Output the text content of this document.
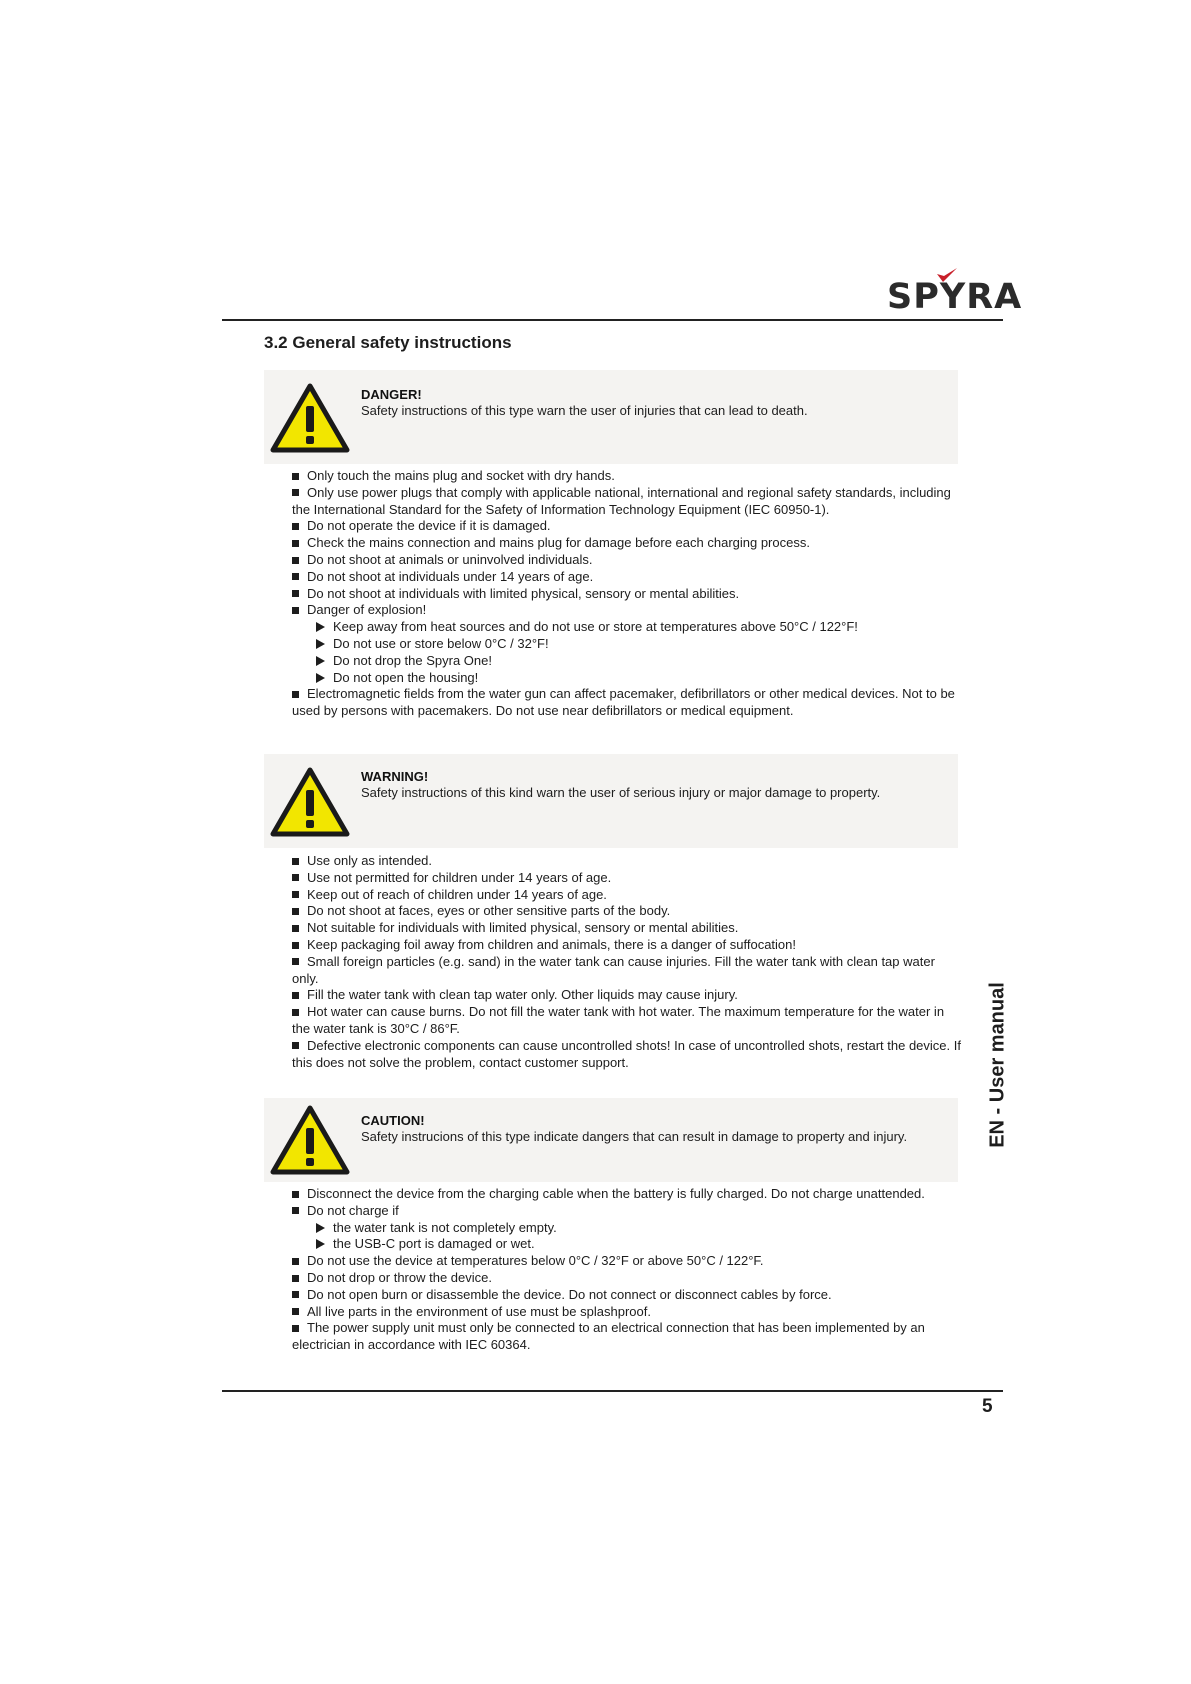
SPYRA
3.2 General safety instructions
DANGER!
Safety instructions of this type warn the user of injuries that can lead to death.
Only touch the mains plug and socket with dry hands.
Only use power plugs that comply with applicable national, international and regional safety standards, including the International Standard for the Safety of Information Technology Equipment (IEC 60950-1).
Do not operate the device if it is damaged.
Check the mains connection and mains plug for damage before each charging process.
Do not shoot at animals or uninvolved individuals.
Do not shoot at individuals under 14 years of age.
Do not shoot at individuals with limited physical, sensory or mental abilities.
Danger of explosion!
Keep away from heat sources and do not use or store at temperatures above 50°C / 122°F!
Do not use or store below 0°C / 32°F!
Do not drop the Spyra One!
Do not open the housing!
Electromagnetic fields from the water gun can affect pacemaker, defibrillators or other medical devices. Not to be used by persons with pacemakers. Do not use near defibrillators or medical equipment.
WARNING!
Safety instructions of this kind warn the user of serious injury or major damage to property.
Use only as intended.
Use not permitted for children under 14 years of age.
Keep out of reach of children under 14 years of age.
Do not shoot at faces, eyes or other sensitive parts of the body.
Not suitable for individuals with limited physical, sensory or mental abilities.
Keep packaging foil away from children and animals, there is a danger of suffocation!
Small foreign particles (e.g. sand) in the water tank can cause injuries. Fill the water tank with clean tap water only.
Fill the water tank with clean tap water only. Other liquids may cause injury.
Hot water can cause burns. Do not fill the water tank with hot water. The maximum temperature for the water in the water tank is 30°C / 86°F.
Defective electronic components can cause uncontrolled shots! In case of uncontrolled shots, restart the device. If this does not solve the problem, contact customer support.
CAUTION!
Safety instrucions of this type indicate dangers that can result in damage to property and injury.
Disconnect the device from the charging cable when the battery is fully charged. Do not charge unattended.
Do not charge if
the water tank is not completely empty.
the USB-C port is damaged or wet.
Do not use the device at temperatures below 0°C / 32°F or above 50°C / 122°F.
Do not drop or throw the device.
Do not open burn or disassemble the device. Do not connect or disconnect cables by force.
All live parts in the environment of use must be splashproof.
The power supply unit must only be connected to an electrical connection that has been implemented by an electrician in accordance with IEC 60364.
EN - User manual
5
